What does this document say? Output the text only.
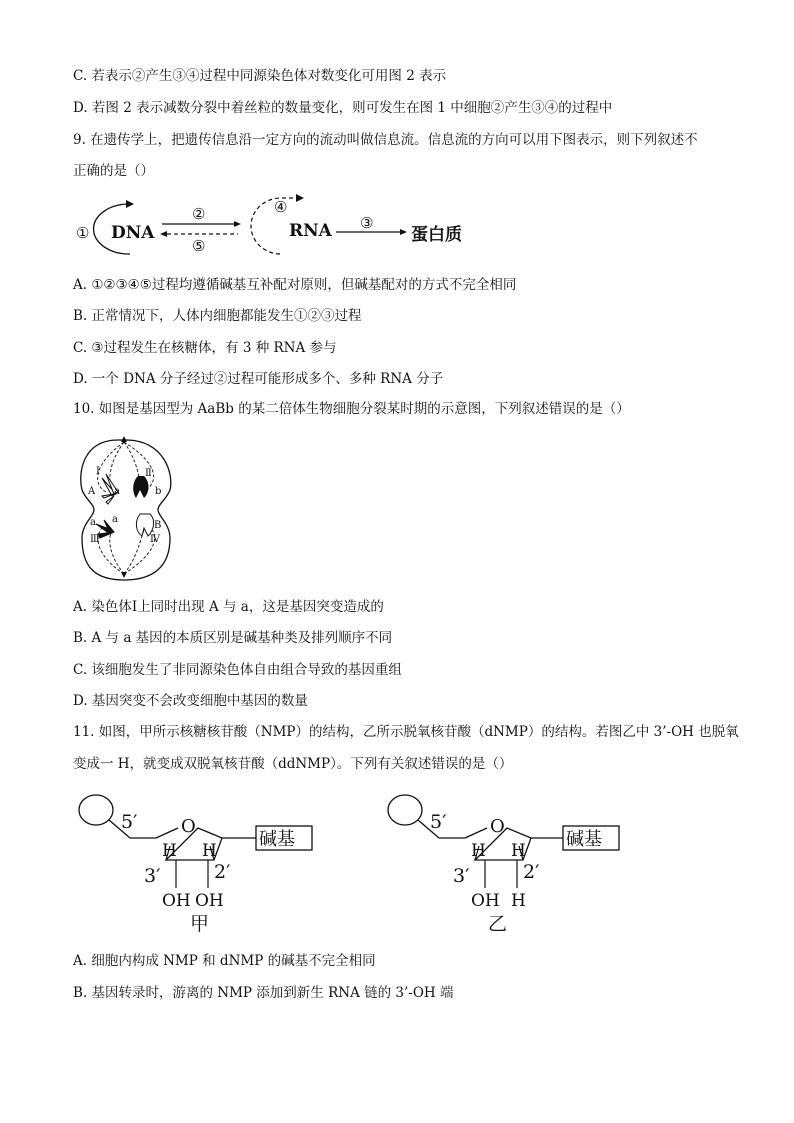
C. 若表示②产生③④过程中同源染色体对数变化可用图 2 表示
D. 若图 2 表示减数分裂中着丝粒的数量变化，则可发生在图 1 中细胞②产生③④的过程中
9. 在遗传学上，把遗传信息沿一定方向的流动叫做信息流。信息流的方向可以用下图表示，则下列叙述不
正确的是（）
① DNA
②
⑤
④
RNA ③
蛋白质
A. ①②③④⑤过程均遵循碱基互补配对原则，但碱基配对的方式不完全相同
B. 正常情况下，人体内细胞都能发生①②③过程
C. ③过程发生在核糖体，有 3 种 RNA 参与
D. 一个 DNA 分子经过②过程可能形成多个、多种 RNA 分子
10. 如图是基因型为 AaBb 的某二倍体生物细胞分裂某时期的示意图，下列叙述错误的是（）
Ⅰ	Ⅱ
Ⅲ	Ⅳ
A a	b
a a
B
A. 染色体Ⅰ上同时出现 A 与 a，这是基因突变造成的
B. A 与 a 基因的本质区别是碱基种类及排列顺序不同
C. 该细胞发生了非同源染色体自由组合导致的基因重组
D. 基因突变不会改变细胞中基因的数量
11. 如图，甲所示核糖核苷酸（NMP）的结构，乙所示脱氧核苷酸（dNMP）的结构。若图乙中 3’-OH 也脱氧
变成一 H，就变成双脱氧核苷酸（ddNMP）。下列有关叙述错误的是（）
5′ O
碱基
H H
3′	2′
OH OH
甲
5′ O
碱基
H H
3′	2′
OH H
乙
A. 细胞内构成 NMP 和 dNMP 的碱基不完全相同
B. 基因转录时，游离的 NMP 添加到新生 RNA 链的 3’-OH 端
